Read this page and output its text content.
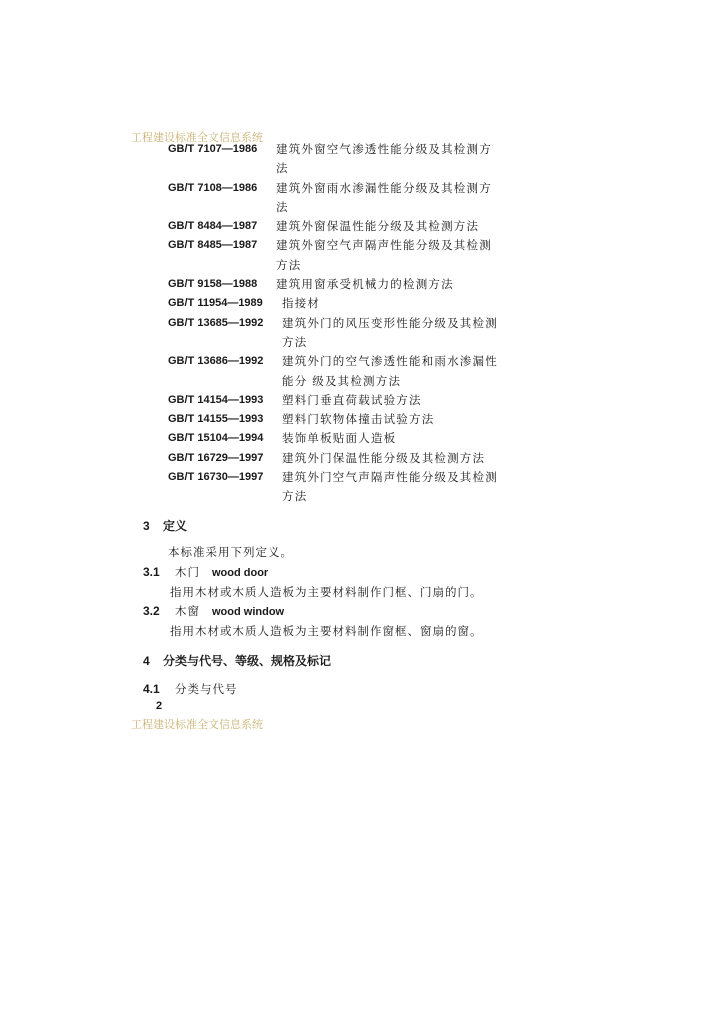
工程建设标准全文信息系统
GB/T 7107—1986	建筑外窗空气渗透性能分级及其检测方法
GB/T 7108—1986	建筑外窗雨水渗漏性能分级及其检测方法
GB/T 8484—1987	建筑外窗保温性能分级及其检测方法
GB/T 8485—1987	建筑外窗空气声隔声性能分级及其检测方法
GB/T 9158—1988	建筑用窗承受机械力的检测方法
GB/T 11954—1989	指接材
GB/T 13685—1992	建筑外门的风压变形性能分级及其检测方法
GB/T 13686—1992	建筑外门的空气渗透性能和雨水渗漏性能分 级及其检测方法
GB/T 14154—1993	塑料门垂直荷载试验方法
GB/T 14155—1993	塑料门软物体撞击试验方法
GB/T 15104—1994	装饰单板贴面人造板
GB/T 16729—1997	建筑外门保温性能分级及其检测方法
GB/T 16730—1997	建筑外门空气声隔声性能分级及其检测方法
3 定义
本标准采用下列定义。
3.1 木门 wood door
指用木材或木质人造板为主要材料制作门框、门扇的门。
3.2 木窗 wood window
指用木材或木质人造板为主要材料制作窗框、窗扇的窗。
4 分类与代号、等级、规格及标记
4.1 分类与代号
2
工程建设标准全文信息系统
